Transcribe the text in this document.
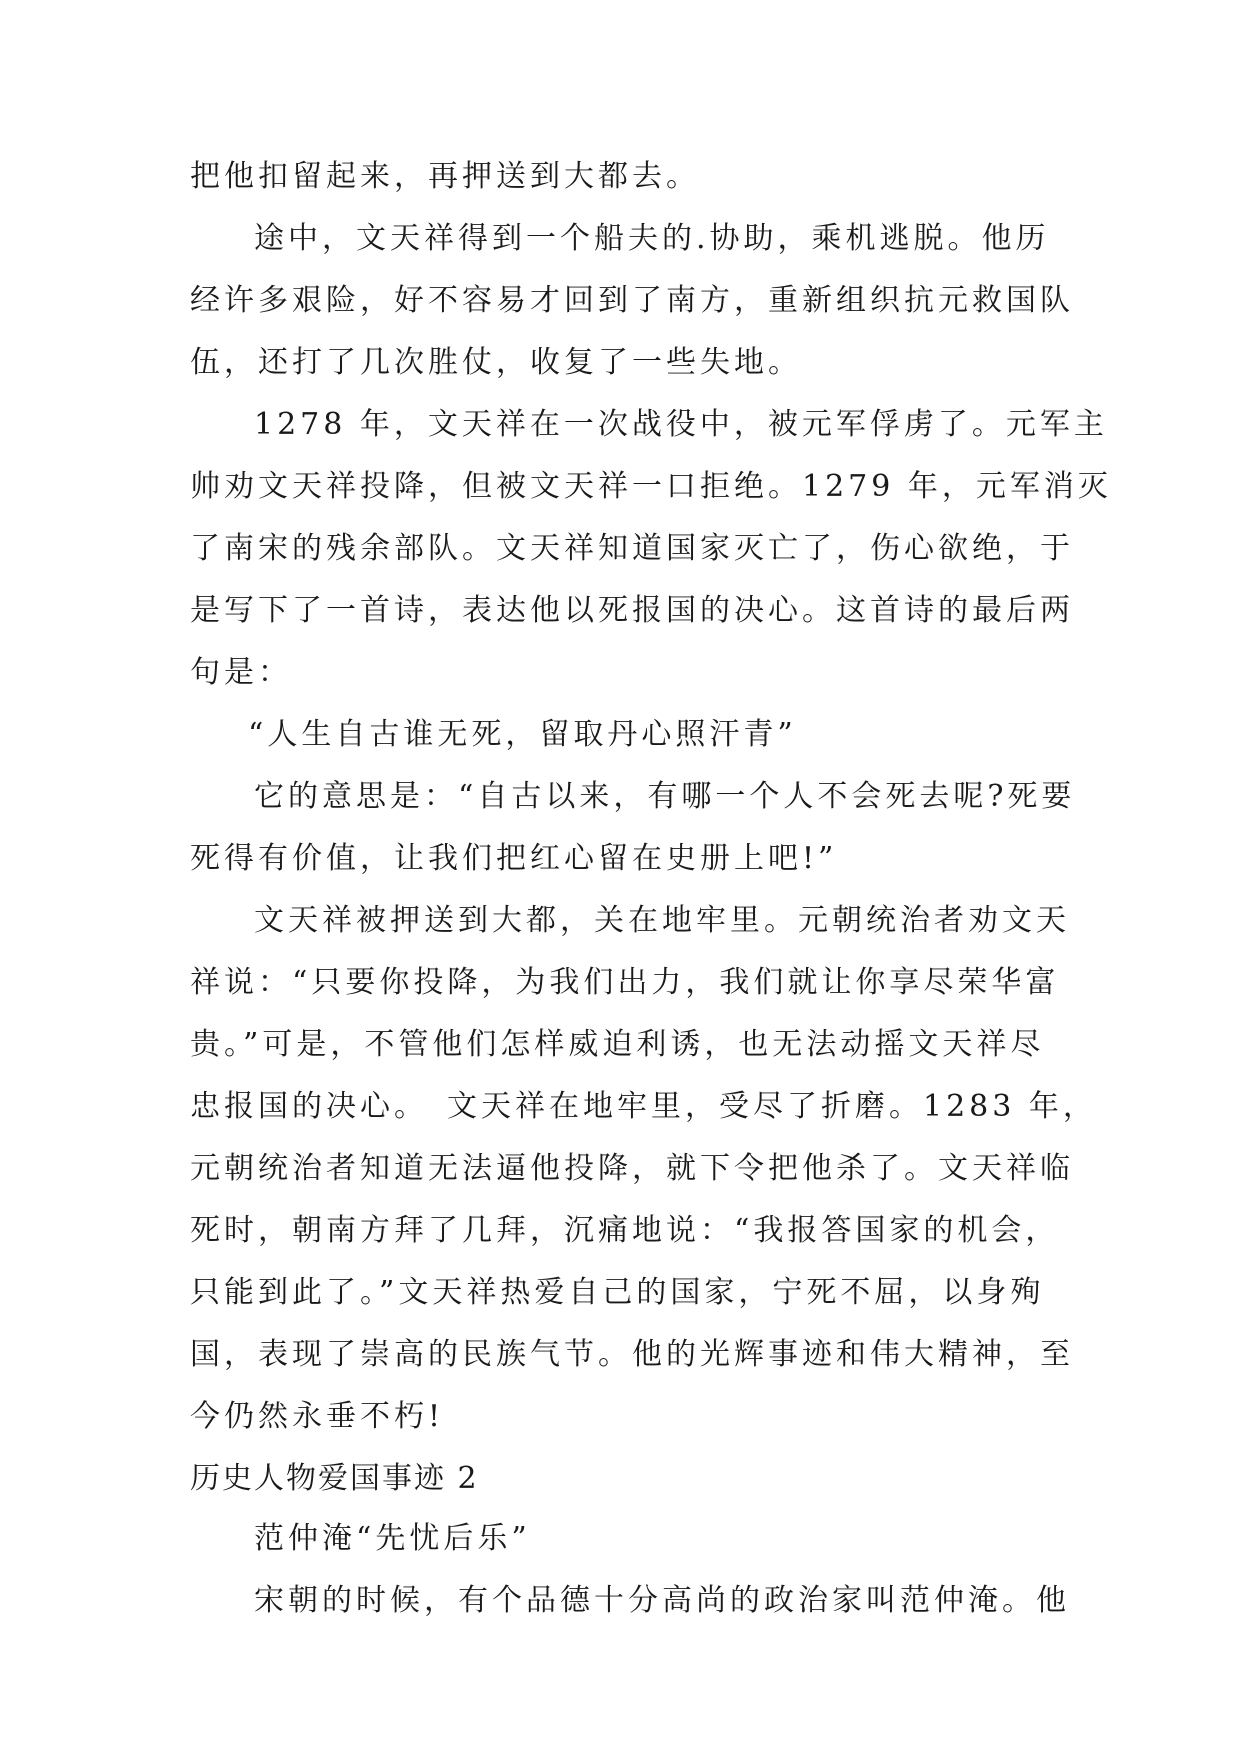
把他扣留起来，再押送到大都去。
途中，文天祥得到一个船夫的.协助，乘机逃脱。他历
经许多艰险，好不容易才回到了南方，重新组织抗元救国队
伍，还打了几次胜仗，收复了一些失地。
1278 年，文天祥在一次战役中，被元军俘虏了。元军主
帅劝文天祥投降，但被文天祥一口拒绝。1279 年，元军消灭
了南宋的残余部队。文天祥知道国家灭亡了，伤心欲绝，于
是写下了一首诗，表达他以死报国的决心。这首诗的最后两
句是：
“人生自古谁无死，留取丹心照汗青”
它的意思是：“自古以来，有哪一个人不会死去呢?死要
死得有价值，让我们把红心留在史册上吧!”
文天祥被押送到大都，关在地牢里。元朝统治者劝文天
祥说：“只要你投降，为我们出力，我们就让你享尽荣华富
贵。”可是，不管他们怎样威迫利诱，也无法动摇文天祥尽
忠报国的决心。　文天祥在地牢里，受尽了折磨。1283 年，
元朝统治者知道无法逼他投降，就下令把他杀了。文天祥临
死时，朝南方拜了几拜，沉痛地说：“我报答国家的机会，
只能到此了。”文天祥热爱自己的国家，宁死不屈，以身殉
国，表现了崇高的民族气节。他的光辉事迹和伟大精神，至
今仍然永垂不朽!
历史人物爱国事迹 2
范仲淹“先忧后乐”
宋朝的时候，有个品德十分高尚的政治家叫范仲淹。他
